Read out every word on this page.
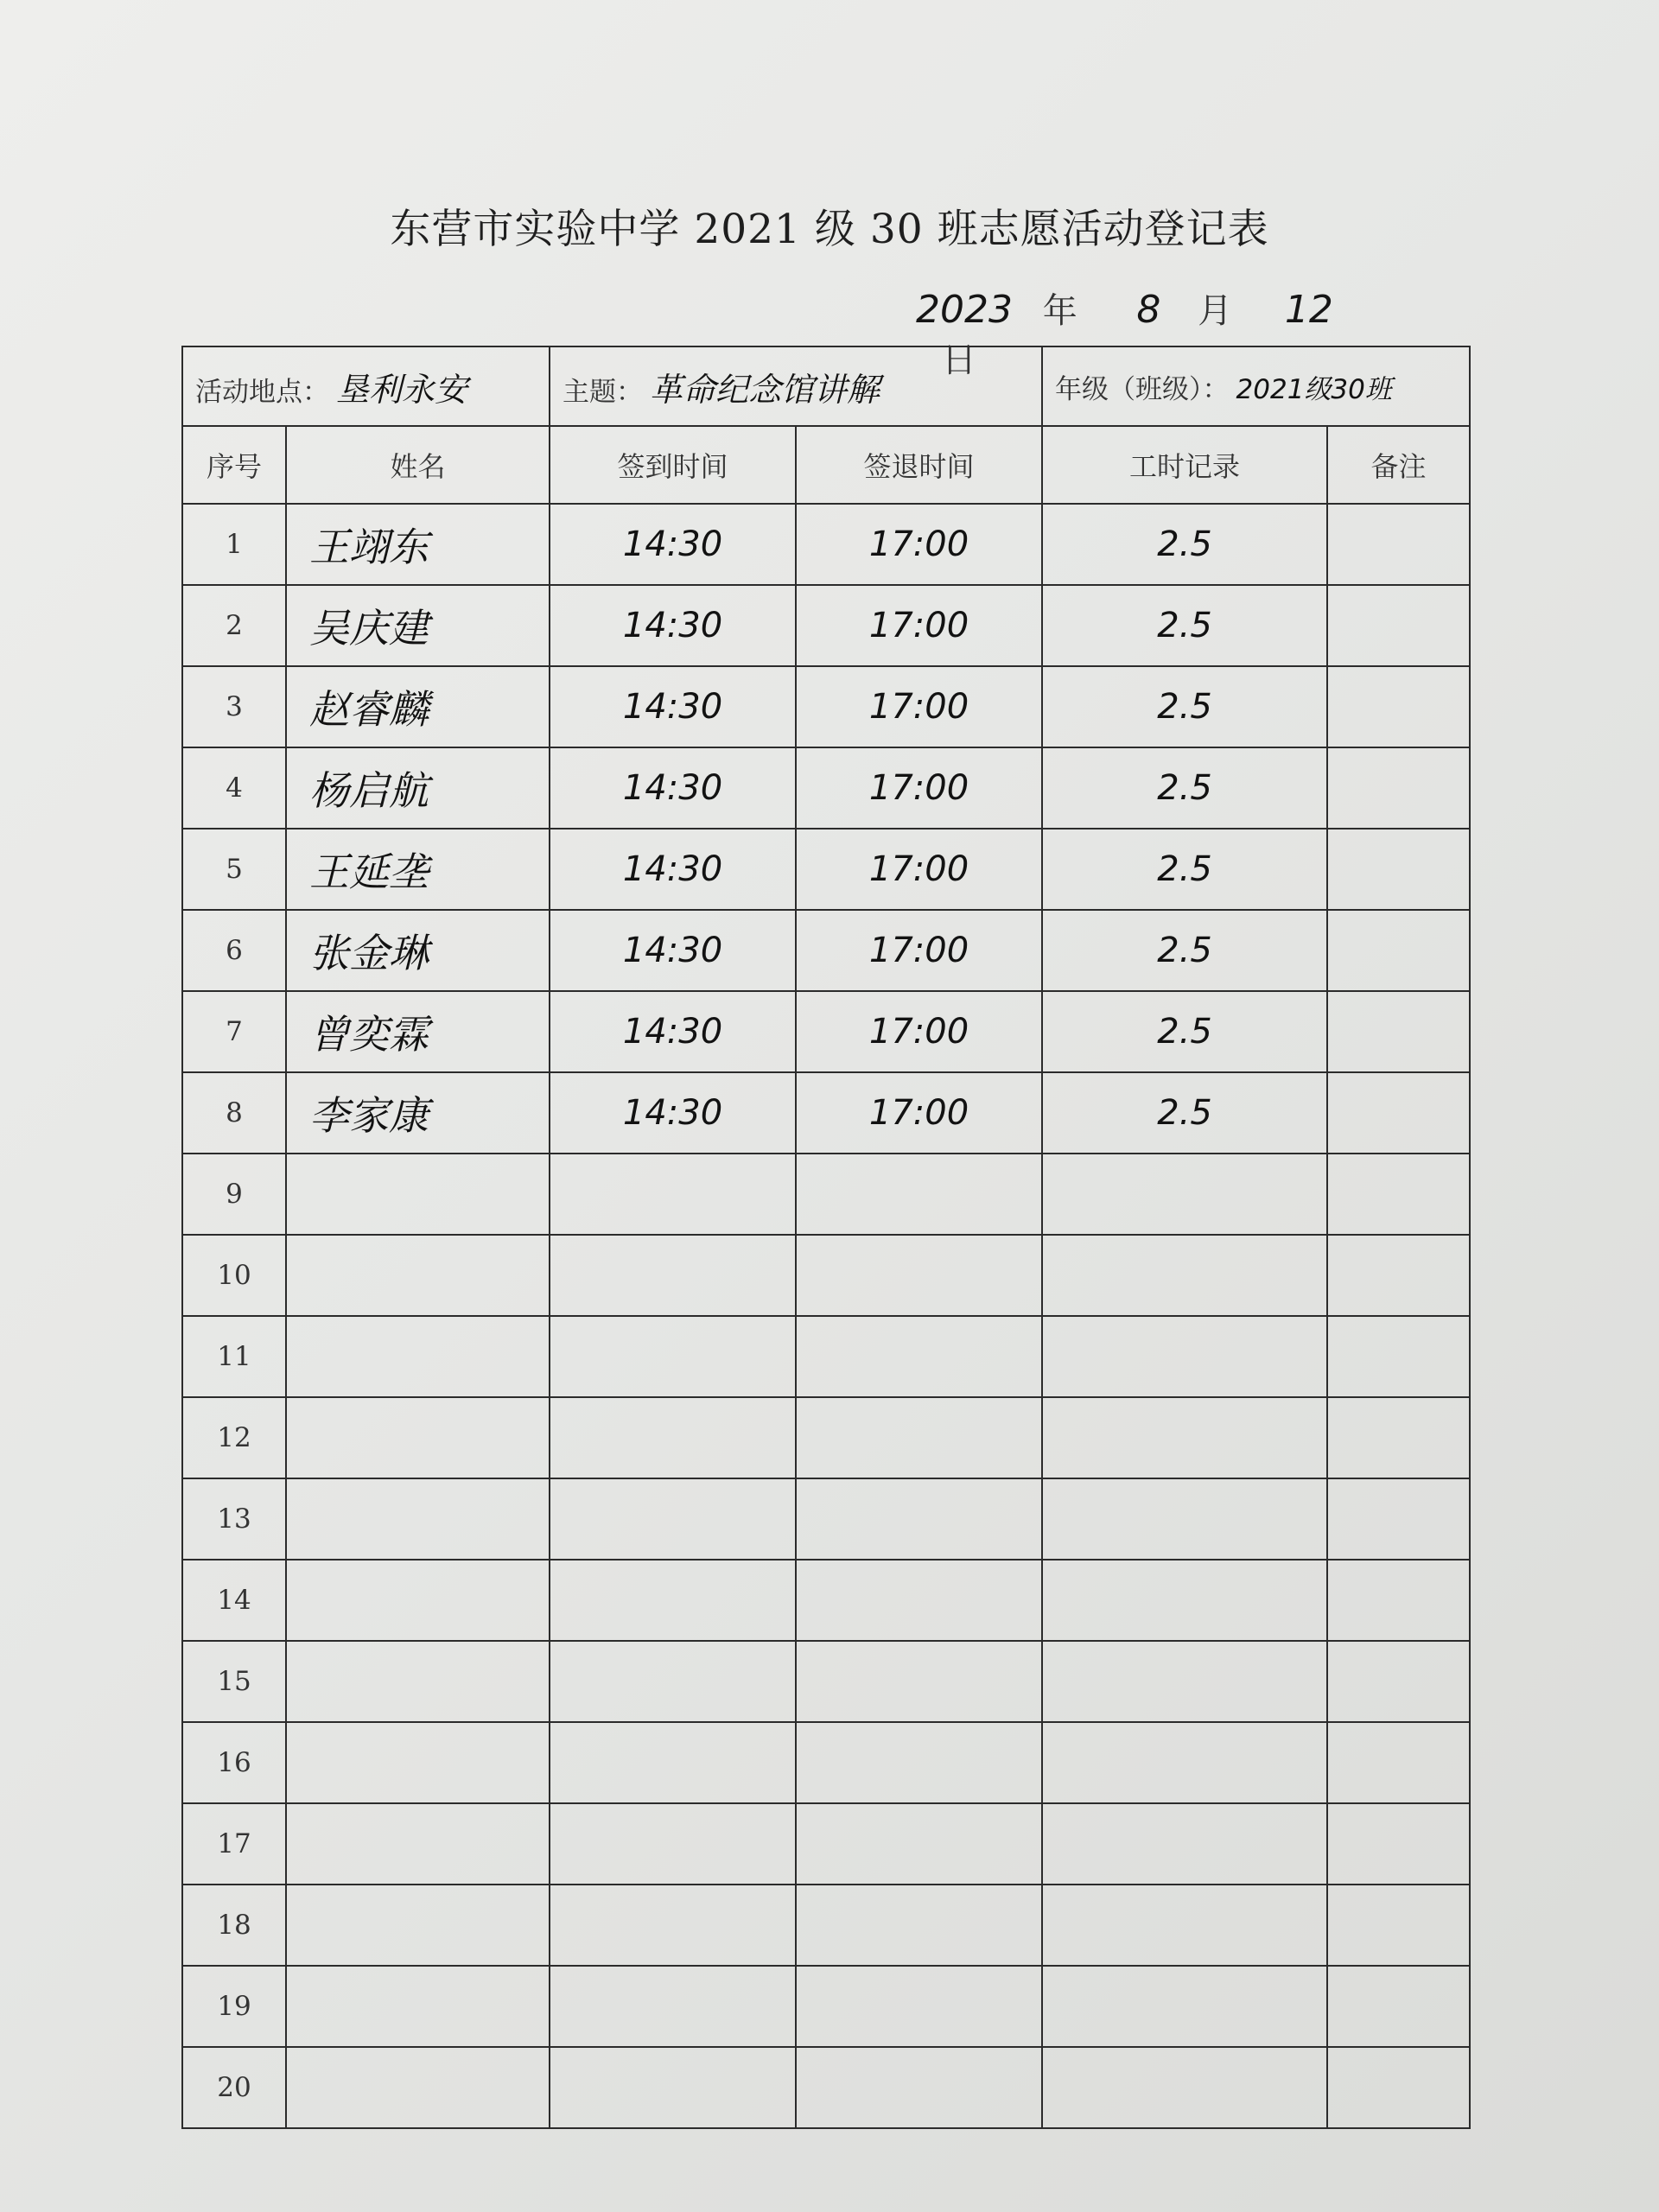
东营市实验中学 2021 级 30 班志愿活动登记表
2023 年 8 月 12 日
活动地点： 垦利永安		主题： 革命纪念馆讲解		年级（班级）： 2021级30班	
序号	姓名	签到时间	签退时间	工时记录	备注
1	王翊东	14:30	17:00	2.5	
2	吴庆建	14:30	17:00	2.5	
3	赵睿麟	14:30	17:00	2.5	
4	杨启航	14:30	17:00	2.5	
5	王延垄	14:30	17:00	2.5	
6	张金琳	14:30	17:00	2.5	
7	曾奕霖	14:30	17:00	2.5	
8	李家康	14:30	17:00	2.5	
9					
10					
11					
12					
13					
14					
15					
16					
17					
18					
19					
20					
